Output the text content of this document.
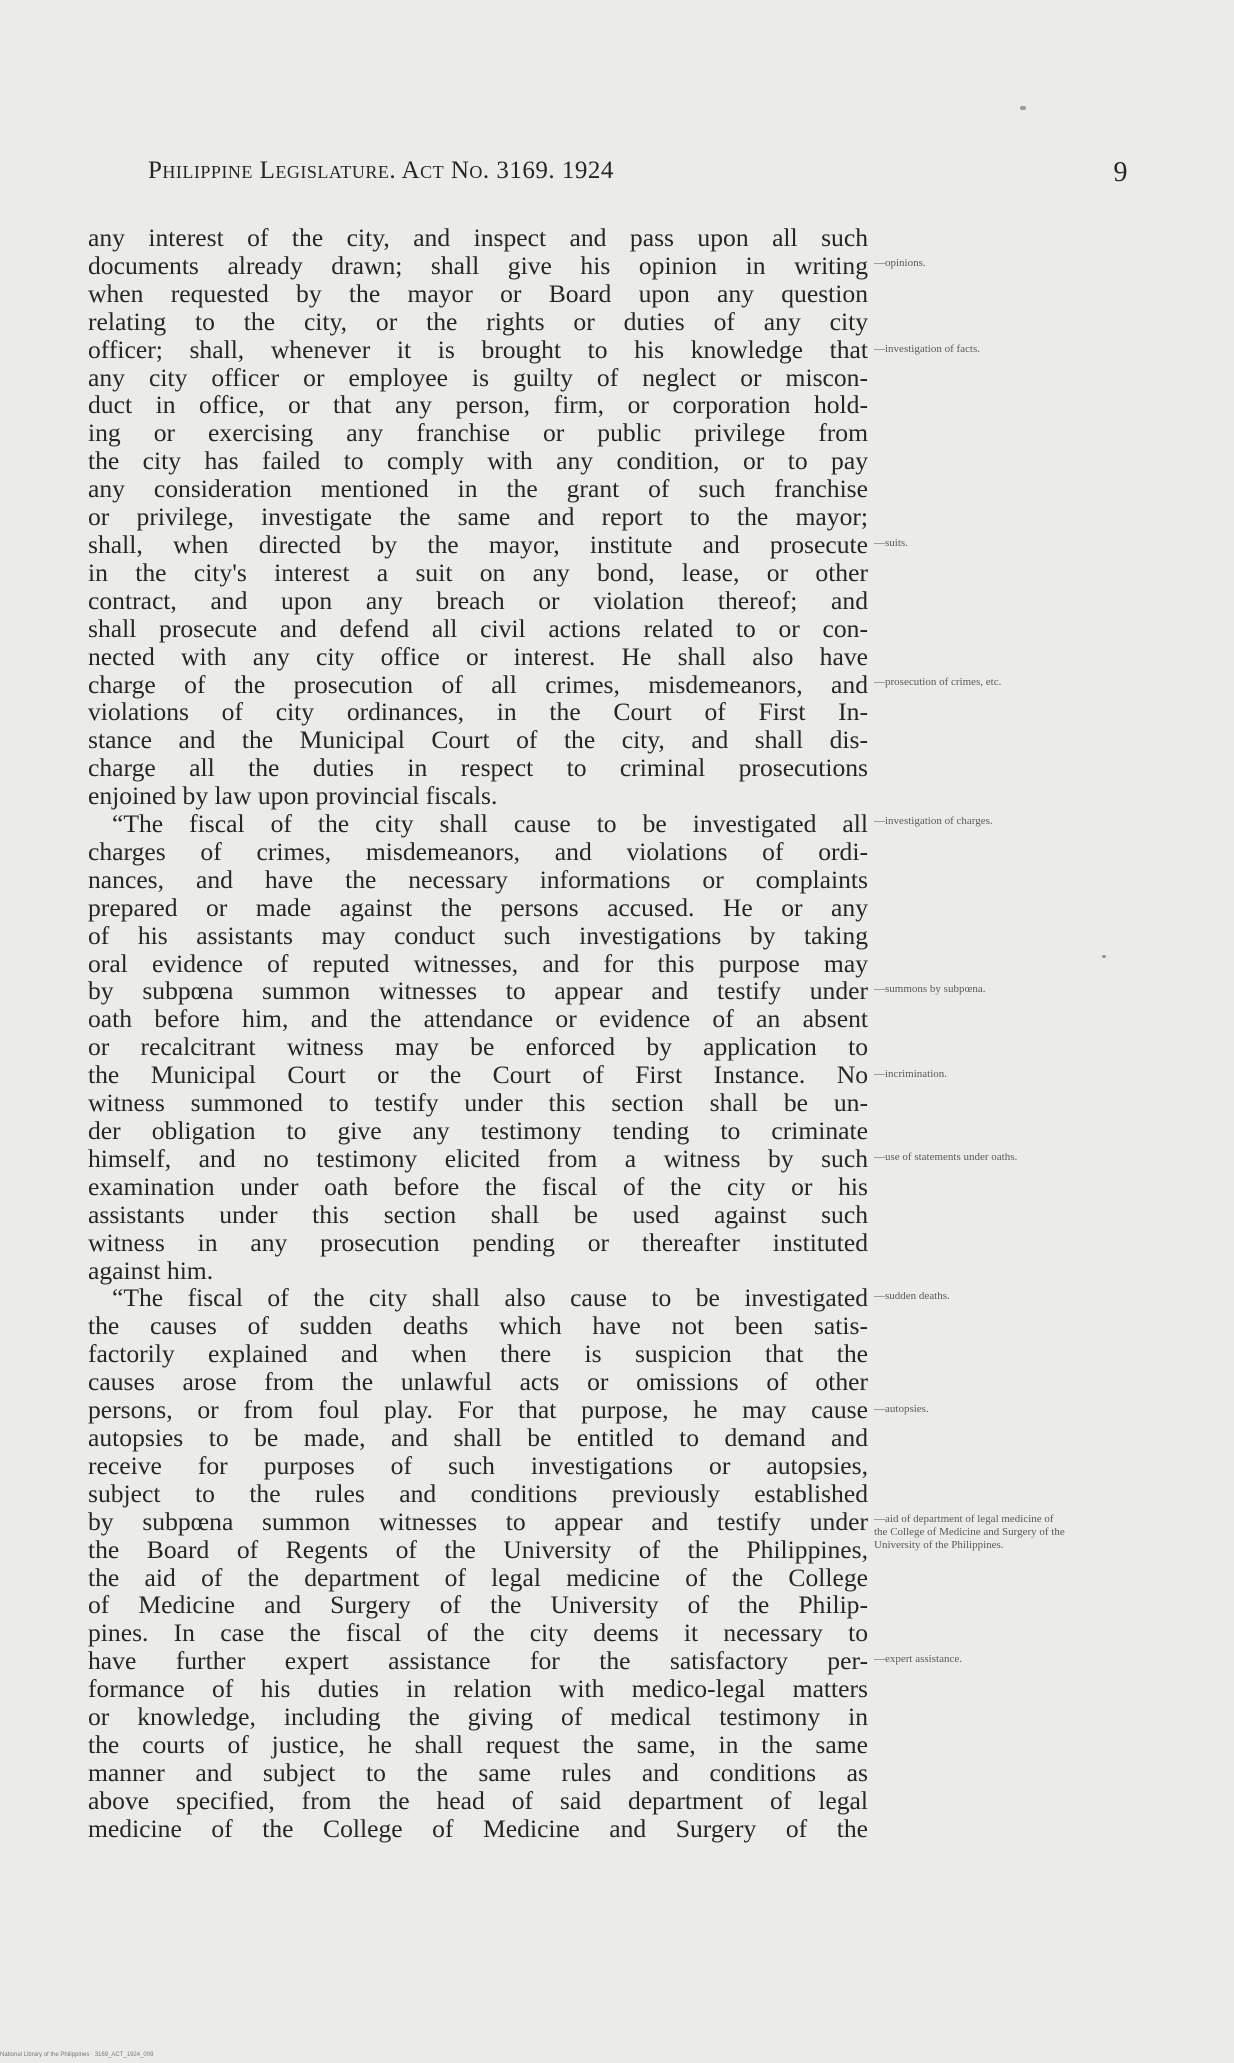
Philippine Legislature. Act No. 3169. 1924	9
any interest of the city, and inspect and pass upon all such
documents already drawn; shall give his opinion in writing
when requested by the mayor or Board upon any question
relating to the city, or the rights or duties of any city
officer; shall, whenever it is brought to his knowledge that
any city officer or employee is guilty of neglect or miscon-
duct in office, or that any person, firm, or corporation hold-
ing or exercising any franchise or public privilege from
the city has failed to comply with any condition, or to pay
any consideration mentioned in the grant of such franchise
or privilege, investigate the same and report to the mayor;
shall, when directed by the mayor, institute and prosecute
in the city's interest a suit on any bond, lease, or other
contract, and upon any breach or violation thereof; and
shall prosecute and defend all civil actions related to or con-
nected with any city office or interest. He shall also have
charge of the prosecution of all crimes, misdemeanors, and
violations of city ordinances, in the Court of First In-
stance and the Municipal Court of the city, and shall dis-
charge all the duties in respect to criminal prosecutions
enjoined by law upon provincial fiscals.
“The fiscal of the city shall cause to be investigated all
charges of crimes, misdemeanors, and violations of ordi-
nances, and have the necessary informations or complaints
prepared or made against the persons accused. He or any
of his assistants may conduct such investigations by taking
oral evidence of reputed witnesses, and for this purpose may
by subpœna summon witnesses to appear and testify under
oath before him, and the attendance or evidence of an absent
or recalcitrant witness may be enforced by application to
the Municipal Court or the Court of First Instance. No
witness summoned to testify under this section shall be un-
der obligation to give any testimony tending to criminate
himself, and no testimony elicited from a witness by such
examination under oath before the fiscal of the city or his
assistants under this section shall be used against such
witness in any prosecution pending or thereafter instituted
against him.
“The fiscal of the city shall also cause to be investigated
the causes of sudden deaths which have not been satis-
factorily explained and when there is suspicion that the
causes arose from the unlawful acts or omissions of other
persons, or from foul play. For that purpose, he may cause
autopsies to be made, and shall be entitled to demand and
receive for purposes of such investigations or autopsies,
subject to the rules and conditions previously established
by subpœna summon witnesses to appear and testify under
the Board of Regents of the University of the Philippines,
the aid of the department of legal medicine of the College
of Medicine and Surgery of the University of the Philip-
pines. In case the fiscal of the city deems it necessary to
have further expert assistance for the satisfactory per-
formance of his duties in relation with medico-legal matters
or knowledge, including the giving of medical testimony in
the courts of justice, he shall request the same, in the same
manner and subject to the same rules and conditions as
above specified, from the head of said department of legal
medicine of the College of Medicine and Surgery of the
—opinions.
—investigation of facts.
—suits.
—prosecution of crimes, etc.
—investigation of charges.
—summons by subpœna.
—incrimination.
—use of statements under oaths.
—sudden deaths.
—autopsies.
—aid of department of legal medicine of the College of Medicine and Surgery of the University of the Philippines.
—expert assistance.
National Library of the Philippines · 3169_ACT_1924_009
